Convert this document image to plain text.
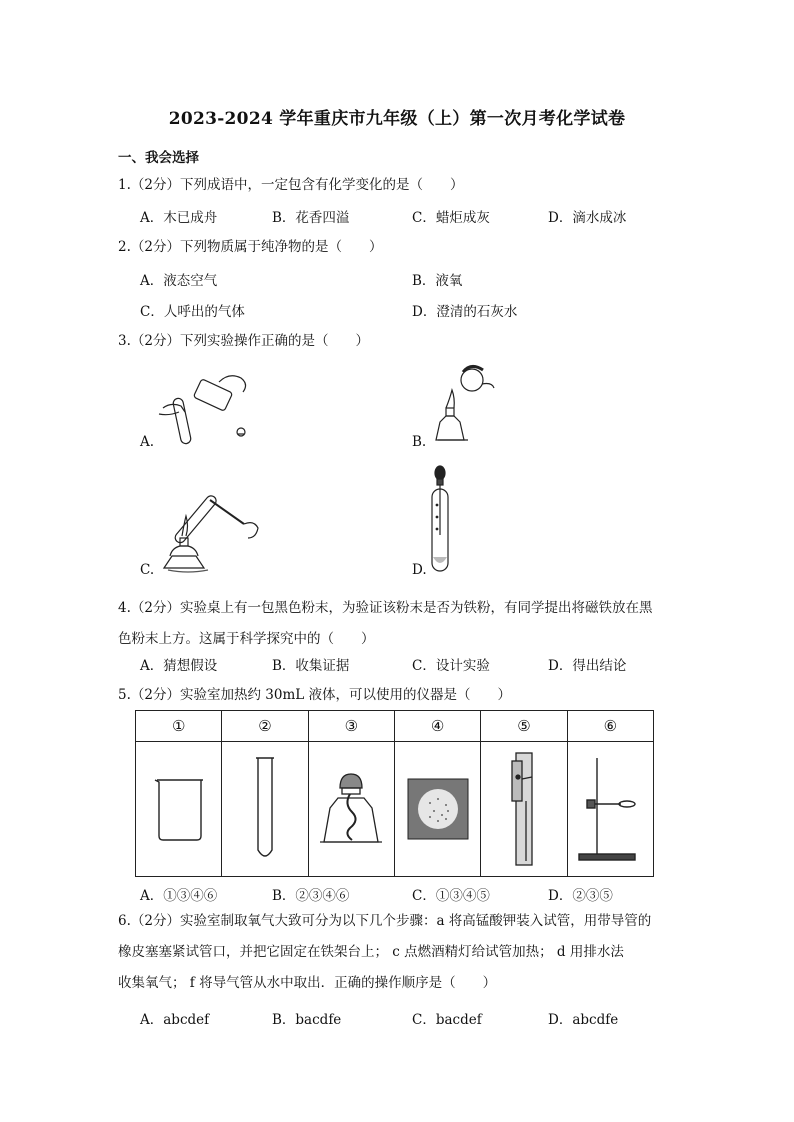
2023-2024 学年重庆市九年级（上）第一次月考化学试卷
一、我会选择
1.（2分）下列成语中，一定包含有化学变化的是（　　）
A．木已成舟	B．花香四溢	C．蜡炬成灰	D．滴水成冰
2.（2分）下列物质属于纯净物的是（　　）
A．液态空气	B．液氧
C．人呼出的气体	D．澄清的石灰水
3.（2分）下列实验操作正确的是（　　）
A.	B.
C.	D.
4.（2分）实验桌上有一包黑色粉末，为验证该粉末是否为铁粉，有同学提出将磁铁放在黑
色粉末上方。这属于科学探究中的（　　）
A．猜想假设	B．收集证据	C．设计实验	D．得出结论
5.（2分）实验室加热约 30mL 液体，可以使用的仪器是（　　）
①	②	③	④	⑤	⑥

A．①③④⑥	B．②③④⑥	C．①③④⑤	D．②③⑤
6.（2分）实验室制取氧气大致可分为以下几个步骤：a 将高锰酸钾装入试管，用带导管的
橡皮塞塞紧试管口，并把它固定在铁架台上； c 点燃酒精灯给试管加热； d 用排水法
收集氧气； f 将导气管从水中取出．正确的操作顺序是（　　）
A．abcdef	B．bacdfe	C．bacdef	D．abcdfe
